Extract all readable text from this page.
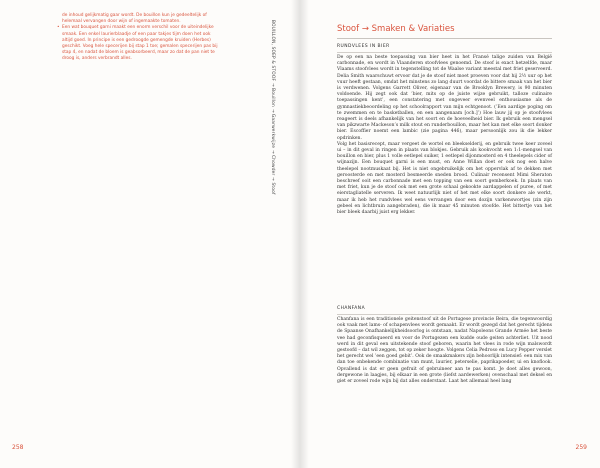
de inhoud gelijkmatig gaar wordt. De bouillon kun je gedeeltelijk of helemaal vervangen door wijn of ingemaakte tomaten.

• Een wat bouquet garni maakt een enorm verschil voor de uiteindelijke smaak. Een enkel laurierblaadje of een paar takjes tijm doen het ook altijd goed. In principe is een gedroogde gemengde kruiden (Herbes) geschikt. Voeg hele specerijen bij stap 1 toe; gemalen specerijen pas bij stap 4, en nadat de bloem is geabsorbeerd, maar zo dat de pan niet te droog is, anders verbrandt alles.	BOUILLON, SOEP & STOOF → Bouillon → Gaarwerkwijze → Chowder → Stoof
258
Stoof → Smaken & Variaties
RUNDVLEES IN BIER

De op een na beste toepassing van bier heet in het Fransé talige zuiden van België carbonnade, en wordt in Vlaanderen stoofvlees genoemd. De stoof is exact hetzelfde, maar Vlaams stoofvlees wordt in tegenstelling tot de Waalse variant meestal met friet geserveerd. Delia Smith waarschuwt ervoor dat je de stoof niet moet proeven voor dat hij 2½ uur op het vuur heeft gestaan, omdat het minstens zo lang duurt voordat de bittere smaak van het bier is verdwenen. Volgens Garrett Oliver, eigenaar van de Brooklyn Brewery, is 90 minuten voldoende. Hij zegt ook dat ‘bier, mits op de juiste wijze gebruikt, talloze culinaire toepassingen kent’, een constatering met ongeveer evenveel enthousiasme als de gymnastiekbeoordeling op het schoolrapport van mijn echtgenoot. (‘Een aardige poging om te zwemmen en te basketballen, en een aangenaam [och.]’) Hoe lauw jij op je stoofvlees reageert is deels afhankelijk van het soort en de hoeveelheid bier. Ik gebruik een mengsel van pikzwarte Mackeson’s milk stout en runderbouillon, maar het kan met elke soort donker bier. Escoffier noemt een lambic (zie pagina 446), maar persoonlijk zou ik die lekker opdrinken.

Volg het basisrecept, maar vergeet de wortel en bleekselderij, en gebruik twee keer zoveel ui – in dit geval in ringen in plaats van blokjes. Gebruik als kookvocht een 1:1-mengsel van bouillon en bier, plus 1 volle eetlepel suiker, 1 eetlepel dijonmosterd en 4 theelepels cider of wijnazijn. Een bouquet garni is een must, en Anne Willan doet er ook nog een halve theelepel nootmuskaat bij. Het is niet ongebruikelijk om het oppervlak af te dekken met geroosterde en met mosterd besmeerde sneden brood. Culinair recensent Mimi Sheraton beschreef ooit een carbonnade met een topping van een soort gemberkoek. In plaats van met friet, kun je de stoof ook met een grote schaal gekookte aardappelen of puree, of met eierstagliatelle serveren. Ik weet natuurlijk niet of het met elke soort donkere ale werkt, maar ik heb het rundvlees wel eens vervangen door een dozijn varkenswortjes (zin zijn gebeel en lichtbruin aangebraden), die ik maar 45 minuten stoofde. Het bittertje van het bier bleek daarbij juist erg lekker.

CHANFANA

Chanfana is een traditionele geitenstoof uit de Portugese provincie Beira, die tegenwoordig ook vaak met lams- of schapenvlees wordt gemaakt. Er wordt gezegd dat het gerecht tijdens de Spaanse Onafhankelijkheidsoorlog is ontstaan, nadat Napoleons Grande Armée het beste vee had geconfisqueerd en voor de Portugezen een kudde oude geiten achterliet. Uit nood werd in dit geval een uitstekende stoof geboren, waarin het vlees in rode wijn malswordt gestoofd – dat wil zeggen, tot op zeker hoogte. Volgens Celia Pedroso en Lucy Pepper verslet het gerecht wel ‘een goed gebit’. Ook de smaakmakers zijn behoorlijk intensief: een mix van dan toe onbekende combinatie van munt, laurier, peterselie, paprikapoeder, ui en knoflook. Opvallend is dat er geen gefruit of gebruineer aan te pas komt. Je doet alles gewoon, dergewone in laagjes, bij elkaar in een grote (liefst aardewerken) ovenschaal met deksel en giet er zoveel rode wijn bij dat alles onderstaat. Laat het allemaal heel lang

259
